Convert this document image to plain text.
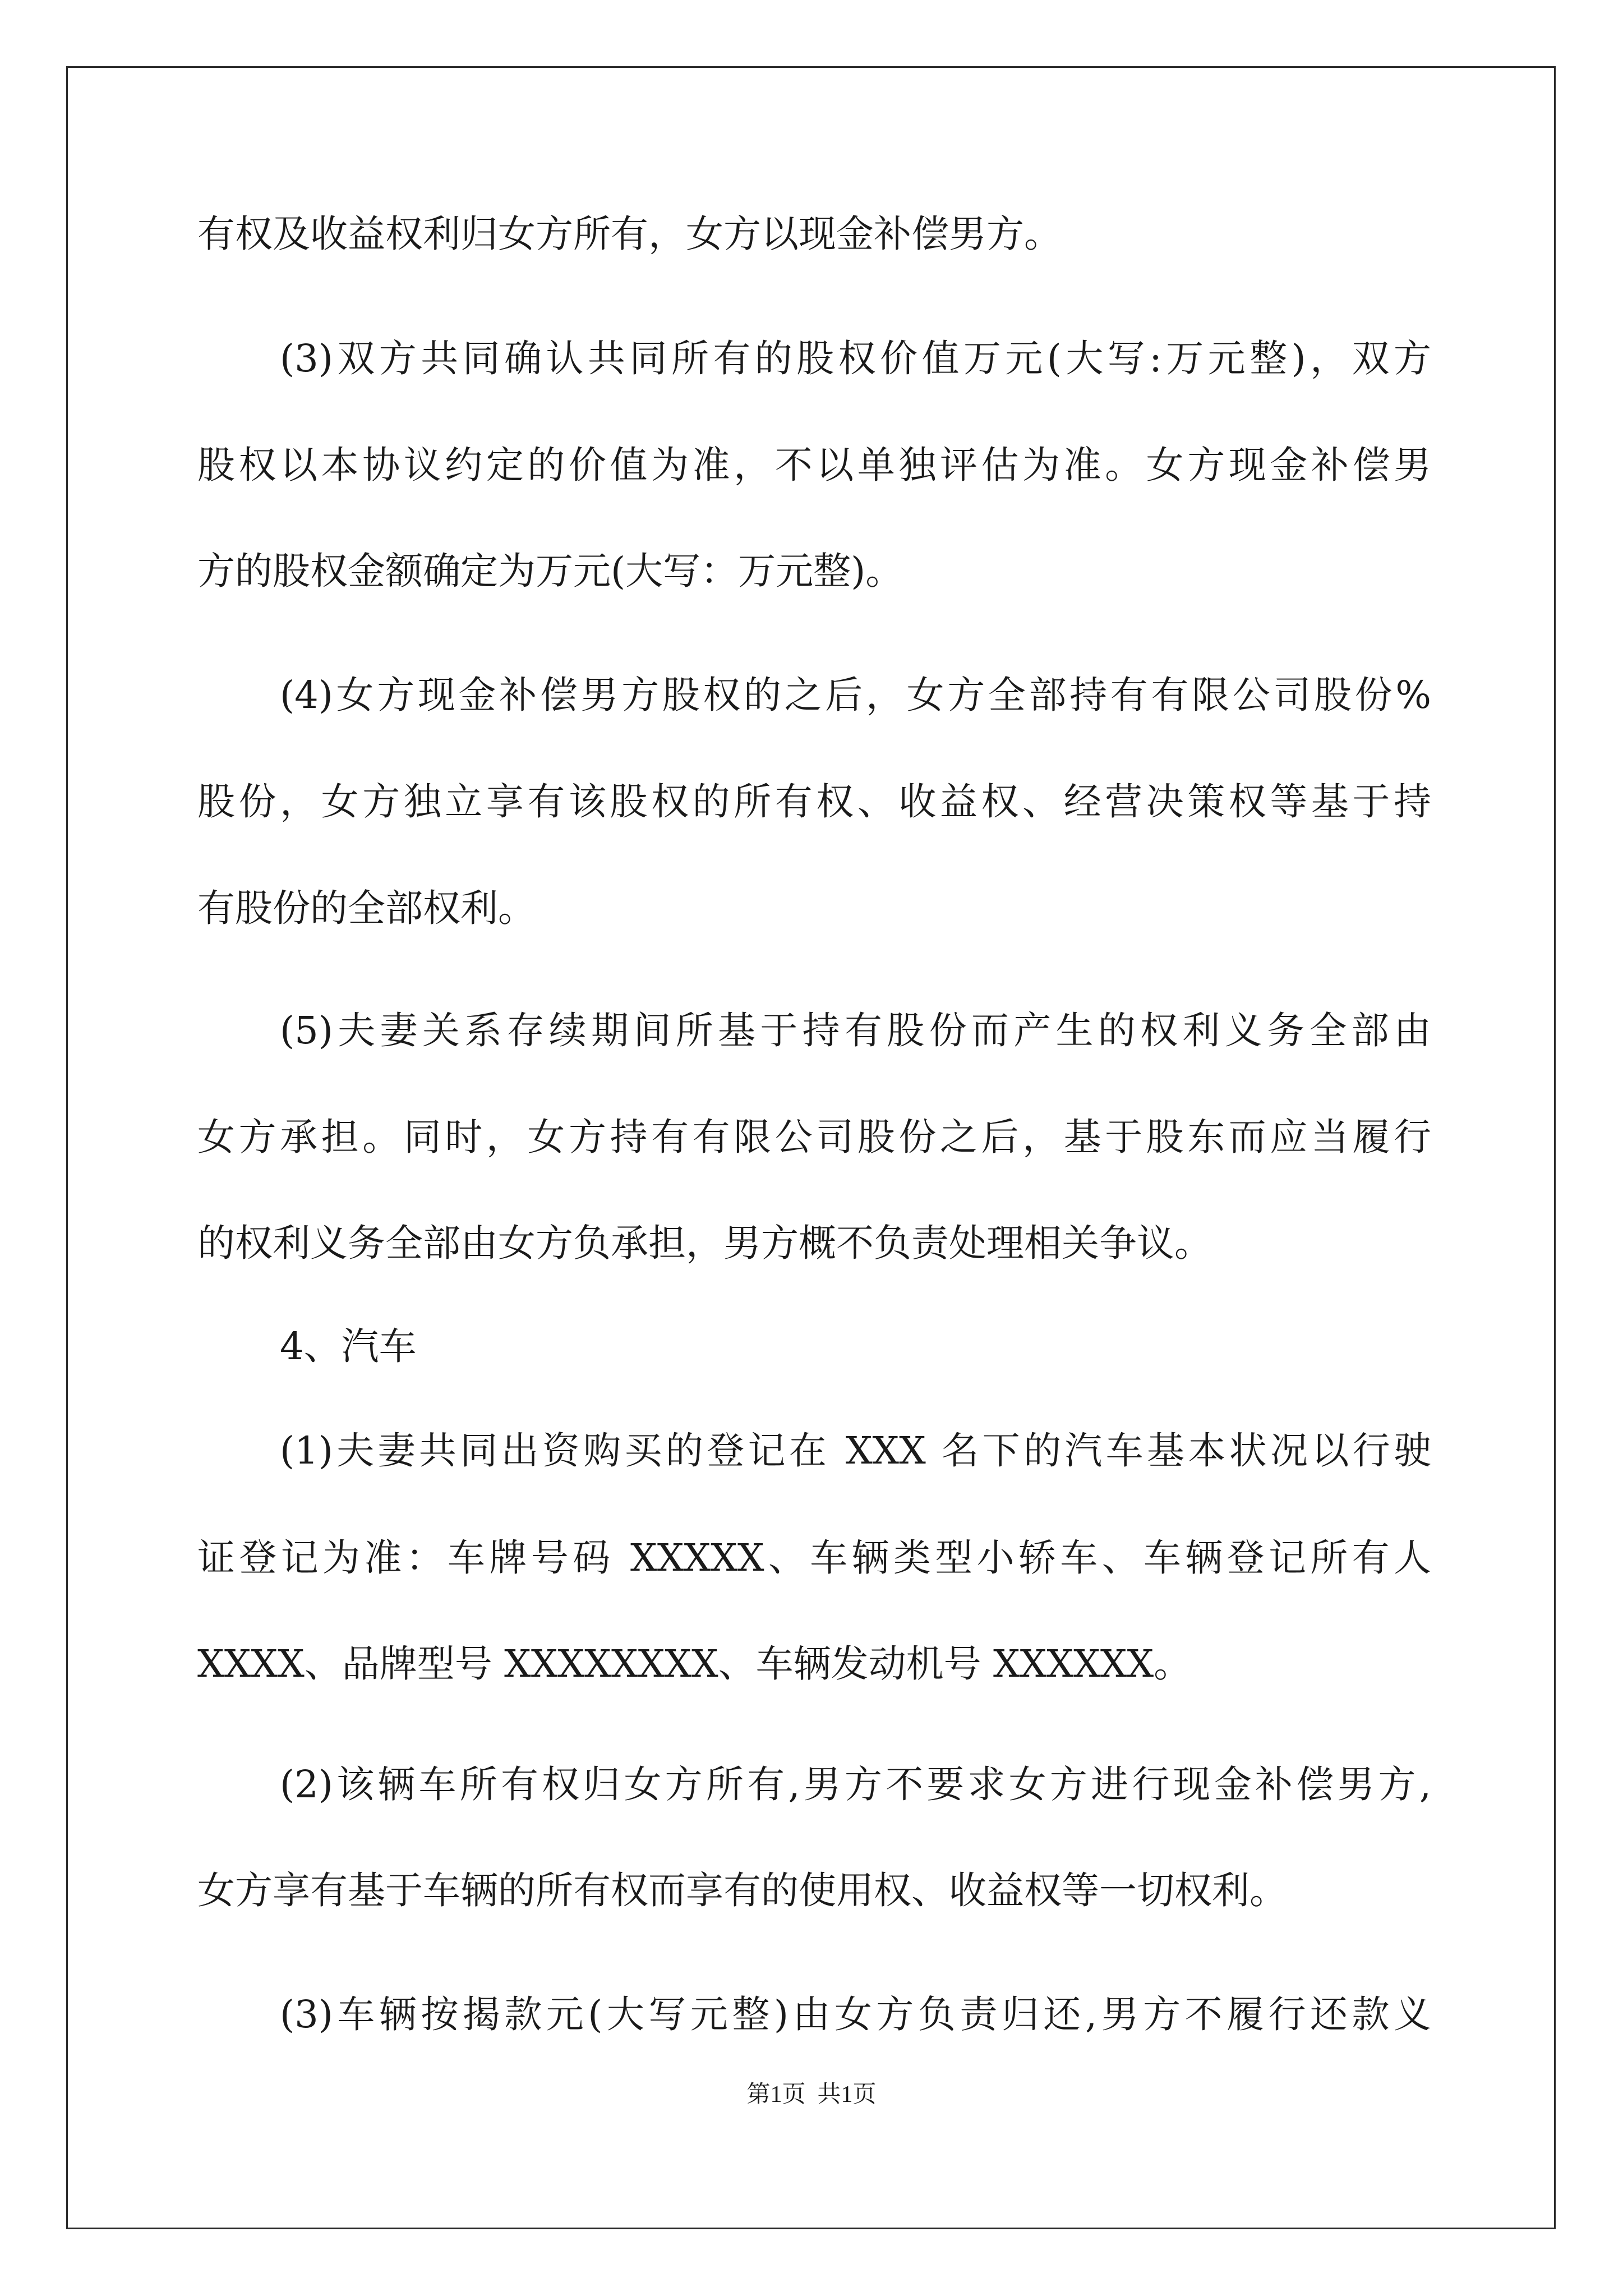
有权及收益权利归女方所有，女方以现金补偿男方。
(3)双方共同确认共同所有的股权价值万元(大写:万元整)，双方
股权以本协议约定的价值为准，不以单独评估为准。女方现金补偿男
方的股权金额确定为万元(大写：万元整)。
(4)女方现金补偿男方股权的之后，女方全部持有有限公司股份%
股份，女方独立享有该股权的所有权、收益权、经营决策权等基于持
有股份的全部权利。
(5)夫妻关系存续期间所基于持有股份而产生的权利义务全部由
女方承担。同时，女方持有有限公司股份之后，基于股东而应当履行
的权利义务全部由女方负承担，男方概不负责处理相关争议。
4、汽车
(1)夫妻共同出资购买的登记在 XXX 名下的汽车基本状况以行驶
证登记为准：车牌号码 XXXXX、车辆类型小轿车、车辆登记所有人
XXXX、品牌型号 XXXXXXXX、车辆发动机号 XXXXXX。
(2)该辆车所有权归女方所有,男方不要求女方进行现金补偿男方,
女方享有基于车辆的所有权而享有的使用权、收益权等一切权利。
(3)车辆按揭款元(大写元整)由女方负责归还,男方不履行还款义
第1页  共1页
